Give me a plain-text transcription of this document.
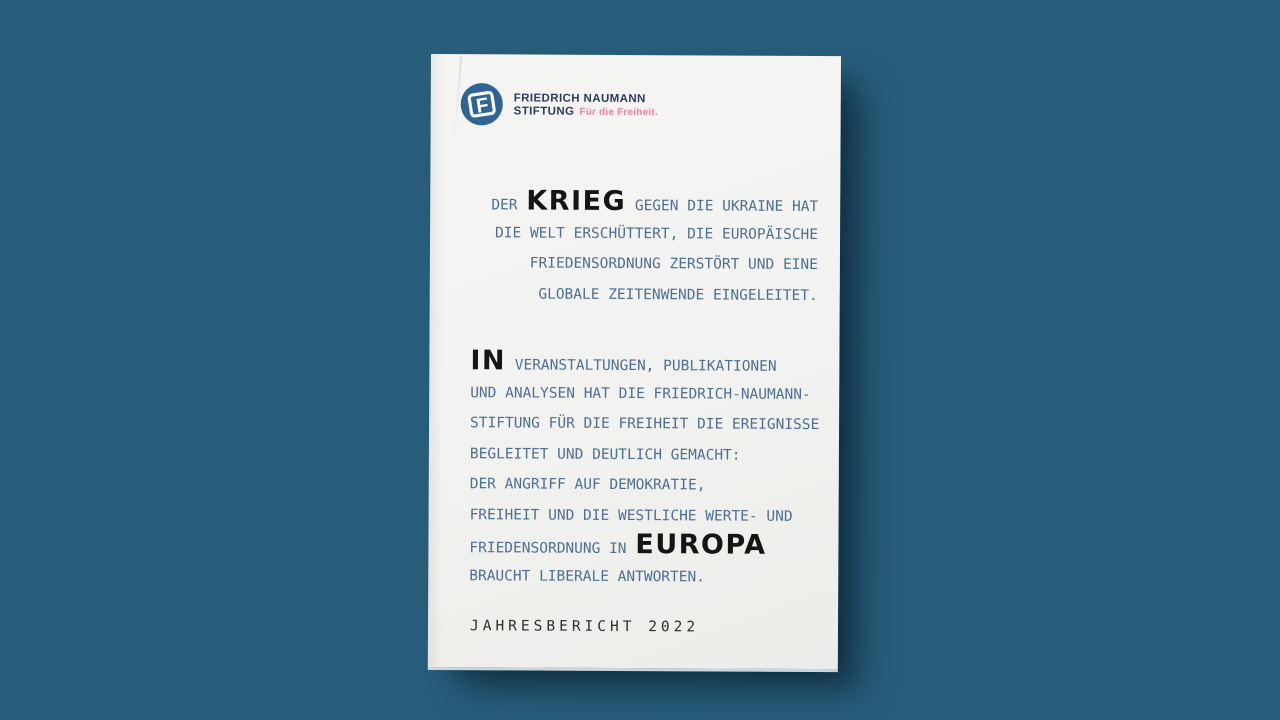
F FRIEDRICH NAUMANN
STIFTUNG Für die Freiheit.
DER KRIEG GEGEN DIE UKRAINE HAT
DIE WELT ERSCHÜTTERT, DIE EUROPÄISCHE
FRIEDENSORDNUNG ZERSTÖRT UND EINE
GLOBALE ZEITENWENDE EINGELEITET.
IN VERANSTALTUNGEN, PUBLIKATIONEN
UND ANALYSEN HAT DIE FRIEDRICH-NAUMANN-
STIFTUNG FÜR DIE FREIHEIT DIE EREIGNISSE
BEGLEITET UND DEUTLICH GEMACHT:
DER ANGRIFF AUF DEMOKRATIE,
FREIHEIT UND DIE WESTLICHE WERTE- UND
FRIEDENSORDNUNG IN EUROPA
BRAUCHT LIBERALE ANTWORTEN.
JAHRESBERICHT 2022
